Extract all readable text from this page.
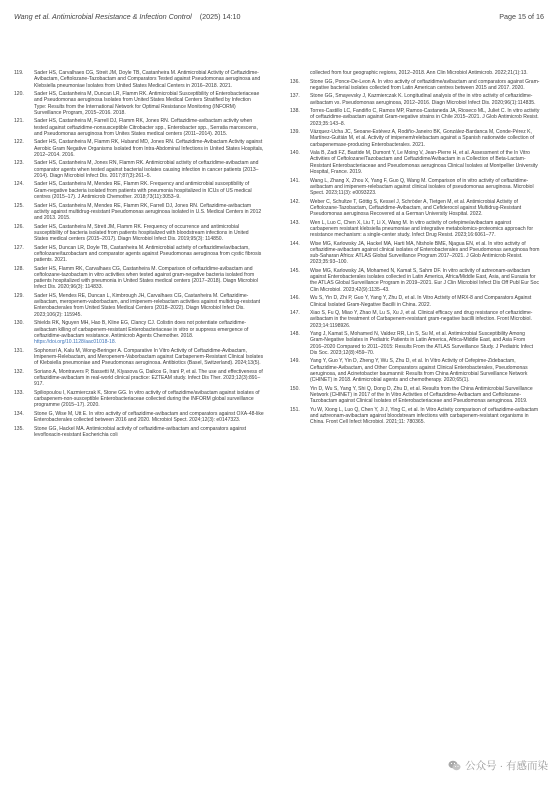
Wang et al. Antimicrobial Resistance & Infection Control (2025) 14:10	Page 15 of 16
119.	Sader HS, Carvalhaes CG, Streit JM, Doyle TB, Castanheira M. Antimicrobial Activity of Ceftazidime-Avibactam, Ceftolozane-Tazobactam and Comparators Tested against Pseudomonas aeruginosa and Klebsiella pneumoniae Isolates from United States Medical Centers in 2016–2018. 2021.
120.	Sader HS, Castanheira M, Duncan LR, Flamm RK. Antimicrobial Susceptibility of Enterobacteriaceae and Pseudomonas aeruginosa Isolates from United States Medical Centers Stratified by Infection Type: Results from the International Network for Optimal Resistance Monitoring (INFORM) Surveillance Program, 2015–2016. 2018.
121.	Sader HS, Castanheira M, Farrell DJ, Flamm RK, Jones RN. Ceftazidime-avibactam activity when tested against ceftazidime-nonsusceptible Citrobacter spp., Enterobacter spp., Serratia marcescens, and Pseudomonas aeruginosa from Unites States medical centers (2011–2014). 2015.
122.	Sader HS, Castanheira M, Flamm RK, Huband MD, Jones RN. Ceftazidime-Avibactam Activity against Aerobic Gram Negative Organisms Isolated from Intra-Abdominal Infections in United States Hospitals, 2012–2014. 2016.
123.	Sader HS, Castanheira M, Jones RN, Flamm RK. Antimicrobial activity of ceftazidime-avibactam and comparator agents when tested against bacterial isolates causing infection in cancer patients (2013–2014). Diagn Microbiol Infect Dis. 2017;87(3):261–5.
124.	Sader HS, Castanheira M, Mendes RE, Flamm RK. Frequency and antimicrobial susceptibility of Gram-negative bacteria isolated from patients with pneumonia hospitalized in ICUs of US medical centres (2015–17). J Antimicrob Chemother. 2018;73(11):3053–9.
125.	Sader HS, Castanheira M, Mendes RE, Flamm RK, Farrell DJ, Jones RN. Ceftazidime-avibactam activity against multidrug-resistant Pseudomonas aeruginosa isolated in U.S. Medical Centers in 2012 and 2013. 2015.
126.	Sader HS, Castanheira M, Streit JM, Flamm RK. Frequency of occurrence and antimicrobial susceptibility of bacteria isolated from patients hospitalized with bloodstream infections in United States medical centers (2015–2017). Diagn Microbiol Infect Dis. 2019;95(3): 114850.
127.	Sader HS, Duncan LR, Doyle TB, Castanheira M. Antimicrobial activity of ceftazidime/avibactam, ceftolozane/tazobactam and comparator agents against Pseudomonas aeruginosa from cystic fibrosis patients. 2021.
128.	Sader HS, Flamm RK, Carvalhaes CG, Castanheira M. Comparison of ceftazidime-avibactam and ceftolozane-tazobactam in vitro activities when tested against gram-negative bacteria isolated from patients hospitalized with pneumonia in United States medical centers (2017–2018). Diagn Microbiol Infect Dis. 2020;96(3): 114833.
129.	Sader HS, Mendes RE, Duncan L, Kimbrough JH, Carvalhaes CG, Castanheira M. Ceftazidime-avibactam, meropenem-vaborbactam, and imipenem-relebactam activities against multidrug-resistant Enterobacterales from United States Medical Centers (2018–2022). Diagn Microbiol Infect Dis. 2023;106(2): 115945.
130.	Shields RK, Nguyen MH, Hao B, Kline EG, Clancy CJ. Colistin does not potentiate ceftazidime-avibactam killing of carbapenem-resistant Enterobacteriaceae in vitro or suppress emergence of ceftazidime-avibactam resistance. Antimicrob Agents Chemother. 2018. https://doi.org/10.1128/aac01018-18.
131.	Sophonsri A, Kalu M, Wong-Beringer A. Comparative In Vitro Activity of Ceftazidime-Avibactam, Imipenem-Relebactam, and Meropenem-Vaborbactam against Carbapenem-Resistant Clinical Isolates of Klebsiella pneumoniae and Pseudomonas aeruginosa. Antibiotics (Basel, Switzerland). 2024;13(5).
132.	Soriano A, Montravers P, Bassetti M, Klyasova G, Daikos G, Irani P, et al. The use and effectiveness of ceftazidime-avibactam in real-world clinical practice: EZTEAM study. Infect Dis Ther. 2023;12(3):891–917.
133.	Spiliopoulou I, Kazmierczak K, Stone GG. In vitro activity of ceftazidime/avibactam against isolates of carbapenem-non-susceptible Enterobacteriaceae collected during the INFORM global surveillance programme (2015–17). 2020.
134.	Stone G, Wise M, Utt E. In vitro activity of ceftazidime-avibactam and comparators against OXA-48-like Enterobacterales collected between 2016 and 2020. Microbiol Spect. 2024;12(3): e0147323.
135.	Stone GG, Hackel MA. Antimicrobial activity of ceftazidime-avibactam and comparators against levofloxacin-resistant Escherichia coli
collected from four geographic regions, 2012–2018. Ann Clin Microbiol Antimicrob. 2022;21(1):13.
136.	Stone GG, Ponce-De-Leon A. In vitro activity of ceftazidime/avibactam and comparators against Gram-negative bacterial isolates collected from Latin American centres between 2015 and 2017. 2020.
137.	Stone GG, Smayevsky J, Kazmierczak K. Longitudinal analysis of the in vitro activity of ceftazidime-avibactam vs. Pseudomonas aeruginosa, 2012–2016. Diagn Microbiol Infect Dis. 2020;96(1):114835.
138.	Torres-Castillo LC, Fandiño C, Ramos MP, Ramos-Castaneda JA, Rioseco ML, Juliet C. In vitro activity of ceftazidime-avibactam against Gram-negative strains in Chile 2015–2021. J Glob Antimicrob Resist. 2023;35:143–8.
139.	Vázquez-Ucha JC, Seoane-Estévez A, Rodiño-Janeiro BK, González-Bardanca M, Conde-Pérez K, Martínez-Guitián M, et al. Activity of imipenem/relebactam against a Spanish nationwide collection of carbapenemase-producing Enterobacterales. 2021.
140.	Vala B, Zadi FZ, Bastide M, Dumont Y, Le Moing V, Jean-Pierre H, et al. Assessment of the In Vitro Activities of Ceftolozane/Tazobactam and Ceftazidime/Avibactam in a Collection of Beta-Lactam-Resistant Enterobacteriaceae and Pseudomonas aeruginosa Clinical Isolates at Montpellier University Hospital, France. 2019.
141.	Wang L, Zhang X, Zhou X, Yang F, Guo Q, Wang M. Comparison of in vitro activity of ceftazidime-avibactam and imipenem-relebactam against clinical isolates of pseudomonas aeruginosa. Microbiol Spect. 2023;11(3): e0093223.
142.	Weber C, Schultze T, Göttig S, Kessel J, Schröder A, Tietgen M, et al. Antimicrobial Activity of Ceftolozane-Tazobactam, Ceftazidime-Avibactam, and Cefiderocol against Multidrug-Resistant Pseudomonas aeruginosa Recovered at a German University Hospital. 2022.
143.	Wen L, Luo C, Chen X, Liu T, Li X, Wang M. In vitro activity of cefepime/avibactam against carbapenem resistant klebsiella pneumoniae and integrative metabolomics-proteomics approach for resistance mechanism: a single-center study. Infect Drug Resist. 2023;16:6061–77.
144.	Wise MG, Karlowsky JA, Hackel MA, Harti MA, Ntshole BME, Njagua EN, et al. In vitro activity of ceftazidime-avibactam against clinical isolates of Enterobacterales and Pseudomonas aeruginosa from sub-Saharan Africa: ATLAS Global Surveillance Program 2017–2021. J Glob Antimicrob Resist. 2023;35:93–100.
145.	Wise MG, Karlowsky JA, Mohamed N, Kamat S, Sahm DF. In vitro activity of aztreonam-avibactam against Enterobacterales isolates collected in Latin America, Africa/Middle East, Asia, and Eurasia for the ATLAS Global Surveillance Program in 2019–2021. Eur J Clin Microbiol Infect Dis Off Publ Eur Soc Clin Microbiol. 2023;42(9):1135–43.
146.	Wu S, Yin D, Zhi P, Guo Y, Yang Y, Zhu D, et al. In Vitro Activity of MRX-8 and Comparators Against Clinical Isolated Gram-Negative Bacilli in China. 2022.
147.	Xiao S, Fu Q, Miao Y, Zhao M, Lu S, Xu J, et al. Clinical efficacy and drug resistance of ceftazidime-avibactam in the treatment of Carbapenem-resistant gram-negative bacilli infection. Front Microbiol. 2023;14:1198926.
148.	Yang J, Kamat S, Mohamed N, Valdez RR, Lin S, Su M, et al. Antimicrobial Susceptibility Among Gram-Negative Isolates in Pediatric Patients in Latin America, Africa-Middle East, and Asia From 2016–2020 Compared to 2011–2015: Results From the ATLAS Surveillance Study. J Pediatric Infect Dis Soc. 2023;12(8):459–70.
149.	Yang Y, Guo Y, Yin D, Zheng Y, Wu S, Zhu D, et al. In Vitro Activity of Cefepime-Zidebactam, Ceftazidime-Avibactam, and Other Comparators against Clinical Enterobacterales, Pseudomonas aeruginosa, and Acinetobacter baumannii: Results from China Antimicrobial Surveillance Network (CHINET) in 2018. Antimicrobial agents and chemotherapy. 2020;65(1).
150.	Yin D, Wu S, Yang Y, Shi Q, Dong D, Zhu D, et al. Results from the China Antimicrobial Surveillance Network (CHINET) in 2017 of the In Vitro Activities of Ceftazidime-Avibactam and Ceftolozane-Tazobactam against Clinical Isolates of Enterobacteriaceae and Pseudomonas aeruginosa. 2019.
151.	Yu W, Xiong L, Luo Q, Chen Y, Ji J, Ying C, et al. In Vitro Activity comparison of ceftazidime-avibactam and aztreonam-avibactam against bloodstream infections with carbapenem-resistant organisms in China. Front Cell Infect Microbiol. 2021;11: 780365.
公众号 · 有感而染
